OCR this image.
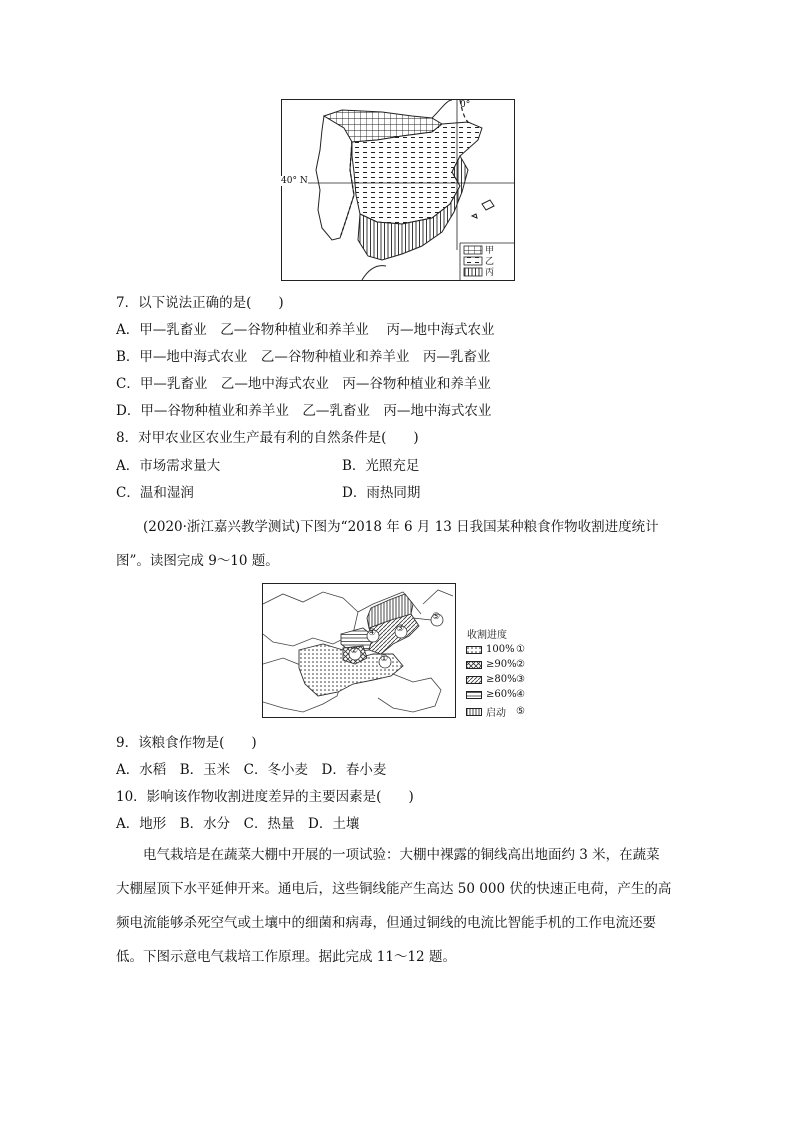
0°
40° N
甲
乙
丙
7．以下说法正确的是(　　)
A．甲—乳畜业　乙—谷物种植业和养羊业　 丙—地中海式农业
B．甲—地中海式农业　乙—谷物种植业和养羊业　丙—乳畜业
C．甲—乳畜业　乙—地中海式农业　丙—谷物种植业和养羊业
D．甲—谷物种植业和养羊业　乙—乳畜业　丙—地中海式农业
8．对甲农业区农业生产最有利的自然条件是(　　)
A．市场需求量大	B．光照充足
C．温和湿润	D．雨热同期
(2020·浙江嘉兴教学测试)下图为“2018 年 6 月 13 日我国某种粮食作物收割进度统计
图”。读图完成 9～10 题。
①
②
③
④
⑤
收割进度
100% ①
≥90% ②
≥80% ③
≥60% ④
启动	⑤
9．该粮食作物是(　　)
A．水稻　B．玉米　C．冬小麦　D．春小麦
10．影响该作物收割进度差异的主要因素是(　　)
A．地形　B．水分　C．热量　D．土壤
电气栽培是在蔬菜大棚中开展的一项试验：大棚中裸露的铜线高出地面约 3 米，在蔬菜
大棚屋顶下水平延伸开来。通电后，这些铜线能产生高达 50 000 伏的快速正电荷，产生的高
频电流能够杀死空气或土壤中的细菌和病毒，但通过铜线的电流比智能手机的工作电流还要
低。下图示意电气栽培工作原理。据此完成 11～12 题。
